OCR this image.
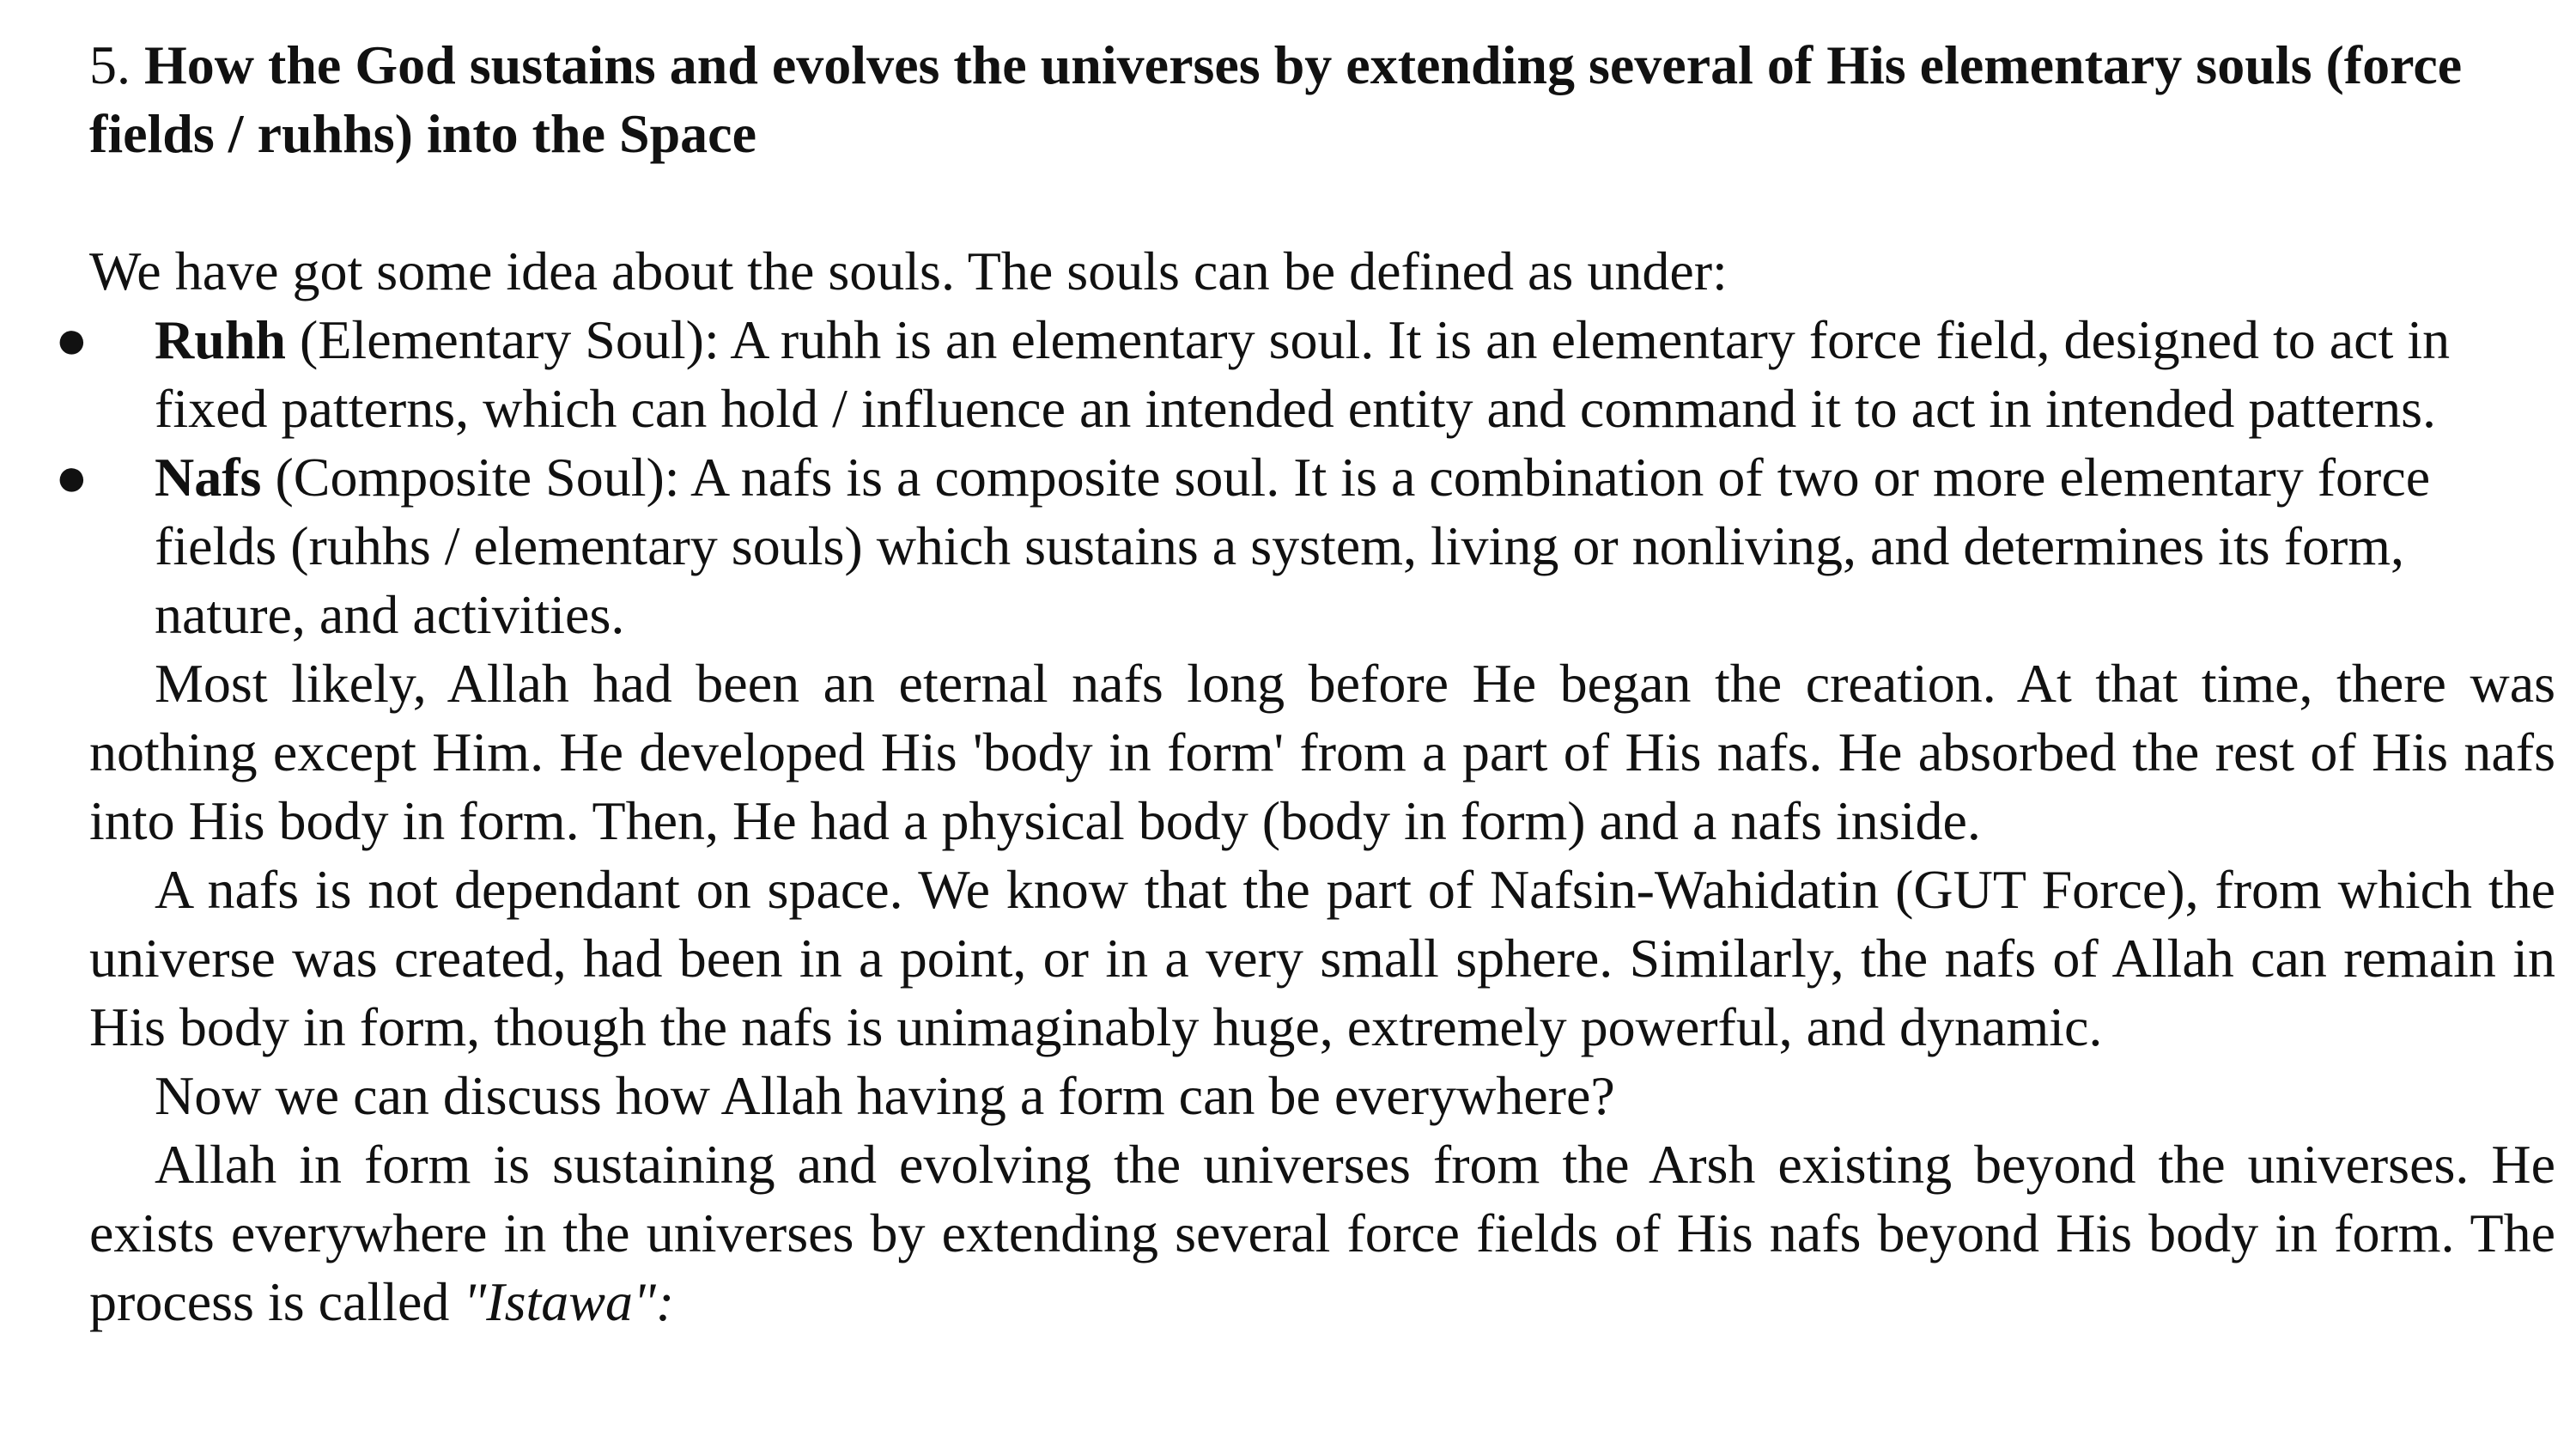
5. How the God sustains and evolves the universes by extending several of His elementary souls (force fields / ruhhs) into the Space

We have got some idea about the souls. The souls can be defined as under:

● Ruhh (Elementary Soul): A ruhh is an elementary soul. It is an elementary force field, designed to act in fixed patterns, which can hold / influence an intended entity and command it to act in intended patterns.
● Nafs (Composite Soul): A nafs is a composite soul. It is a combination of two or more elementary force fields (ruhhs / elementary souls) which sustains a system, living or nonliving, and determines its form, nature, and activities.

Most likely, Allah had been an eternal nafs long before He began the creation. At that time, there was nothing except Him. He developed His 'body in form' from a part of His nafs. He absorbed the rest of His nafs into His body in form. Then, He had a physical body (body in form) and a nafs inside.

A nafs is not dependant on space. We know that the part of Nafsin-Wahidatin (GUT Force), from which the universe was created, had been in a point, or in a very small sphere. Similarly, the nafs of Allah can remain in His body in form, though the nafs is unimaginably huge, extremely powerful, and dynamic.

Now we can discuss how Allah having a form can be everywhere?

Allah in form is sustaining and evolving the universes from the Arsh existing beyond the universes. He exists everywhere in the universes by extending several force fields of His nafs beyond His body in form. The process is called "Istawa":
